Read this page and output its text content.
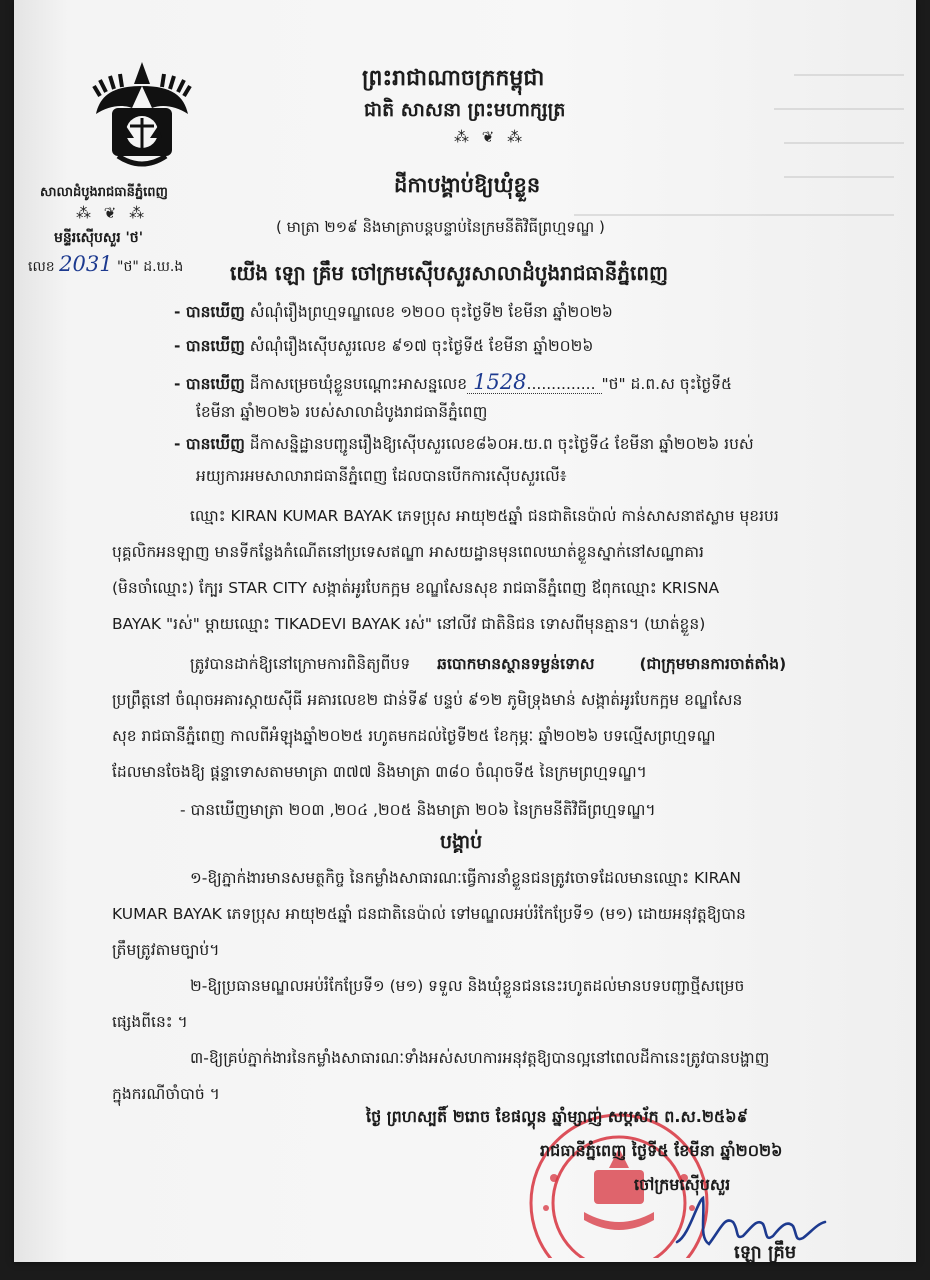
សាលាដំបូងរាជធានីភ្នំពេញ
⁂ ❦ ⁂
មន្ទីរស៊ើបសួរ 'ថ'
លេខ 2031 "ថ" ដ.ឃ.ង
ព្រះរាជាណាចក្រកម្ពុជា
ជាតិ សាសនា ព្រះមហាក្សត្រ
⁂ ❦ ⁂
ដីកាបង្គាប់ឱ្យឃុំខ្លួន
( មាត្រា ២១៩ និងមាត្រាបន្តបន្ទាប់នៃក្រមនីតិវិធីព្រហ្មទណ្ឌ )
យើង ឡោ គ្រឹម ចៅក្រមស៊ើបសួរសាលាដំបូងរាជធានីភ្នំពេញ
- បានឃើញ សំណុំរឿងព្រហ្មទណ្ឌលេខ ១២០០ ចុះថ្ងៃទី២ ខែមីនា ឆ្នាំ២០២៦
- បានឃើញ សំណុំរឿងស៊ើបសួរលេខ ៩១៧ ចុះថ្ងៃទី៥ ខែមីនា ឆ្នាំ២០២៦
- បានឃើញ ដីកាសម្រេចឃុំខ្លួនបណ្តោះអាសន្នលេខ 1528.............. "ថ" ដ.ព.ស ចុះថ្ងៃទី៥
ខែមីនា ឆ្នាំ២០២៦ របស់សាលាដំបូងរាជធានីភ្នំពេញ
- បានឃើញ ដីកាសន្និដ្ឋានបញ្ជូនរឿងឱ្យស៊ើបសួរលេខ៨៦០អ.យ.ព ចុះថ្ងៃទី៤ ខែមីនា ឆ្នាំ២០២៦ របស់
អយ្យការអមសាលារាជធានីភ្នំពេញ ដែលបានបើកការស៊ើបសួរលើ៖
ឈ្មោះ KIRAN KUMAR BAYAK ភេទប្រុស អាយុ២៥ឆ្នាំ ជនជាតិនេប៉ាល់ កាន់សាសនាឥស្លាម មុខរបរ
បុគ្គលិកអនឡាញ មានទីកន្លែងកំណើតនៅប្រទេសឥណ្ឌា អាសយដ្ឋានមុនពេលឃាត់ខ្លួនស្នាក់នៅសណ្ឋាគារ
(មិនចាំឈ្មោះ) ក្បែរ STAR CITY សង្កាត់អូរបែកក្អម ខណ្ឌសែនសុខ រាជធានីភ្នំពេញ ឪពុកឈ្មោះ KRISNA
BAYAK "រស់" ម្តាយឈ្មោះ TIKADEVI BAYAK រស់" នៅលីវ ជាតិនិជន ទោសពីមុនគ្មាន។ (ឃាត់ខ្លួន)
ត្រូវបានដាក់ឱ្យនៅក្រោមការពិនិត្យពីបទ ឆបោកមានស្ថានទម្ងន់ទោស	(ជាក្រុមមានការចាត់តាំង)
ប្រព្រឹត្តនៅ ចំណុចអគារស្កាយស៊ីធី អគារលេខ២ ជាន់ទី៩ បន្ទប់ ៩១២ ភូមិទ្រុងមាន់ សង្កាត់អូរបែកក្អម ខណ្ឌសែន
សុខ រាជធានីភ្នំពេញ កាលពីអំឡុងឆ្នាំ២០២៥ រហូតមកដល់ថ្ងៃទី២៥ ខែកុម្ភៈ ឆ្នាំ២០២៦ បទល្មើសព្រហ្មទណ្ឌ
ដែលមានចែងឱ្យ ផ្តន្ទាទោសតាមមាត្រា ៣៧៧ និងមាត្រា ៣៨០ ចំណុចទី៥ នៃក្រមព្រហ្មទណ្ឌ។
- បានឃើញមាត្រា ២០៣ ,២០៤ ,២០៥ និងមាត្រា ២០៦ នៃក្រមនីតិវិធីព្រហ្មទណ្ឌ។
បង្គាប់
១-ឱ្យភ្នាក់ងារមានសមត្ថកិច្ច នៃកម្លាំងសាធារណៈធ្វើការនាំខ្លួនជនត្រូវចោទដែលមានឈ្មោះ KIRAN
KUMAR BAYAK ភេទប្រុស អាយុ២៥ឆ្នាំ ជនជាតិនេប៉ាល់ ទៅមណ្ឌលអប់រំកែប្រែទី១ (ម១) ដោយអនុវត្តឱ្យបាន
ត្រឹមត្រូវតាមច្បាប់។
២-ឱ្យប្រធានមណ្ឌលអប់រំកែប្រែទី១ (ម១) ទទួល និងឃុំខ្លួនជននេះរហូតដល់មានបទបញ្ជាថ្មីសម្រេច
ផ្សេងពីនេះ ។
៣-ឱ្យគ្រប់ភ្នាក់ងារនៃកម្លាំងសាធារណៈទាំងអស់សហការអនុវត្តឱ្យបានល្អនៅពេលដីកានេះត្រូវបានបង្ហាញ
ក្នុងករណីចាំបាច់ ។
ថ្ងៃ ព្រហស្បតិ៍ ២រោច ខែផល្គុន ឆ្នាំម្សាញ់ សប្តស័ក ព.ស.២៥៦៩
រាជធានីភ្នំពេញ ថ្ងៃទី៥ ខែមីនា ឆ្នាំ២០២៦
ចៅក្រមស៊ើបសួរ
ឡោ គ្រឹម
